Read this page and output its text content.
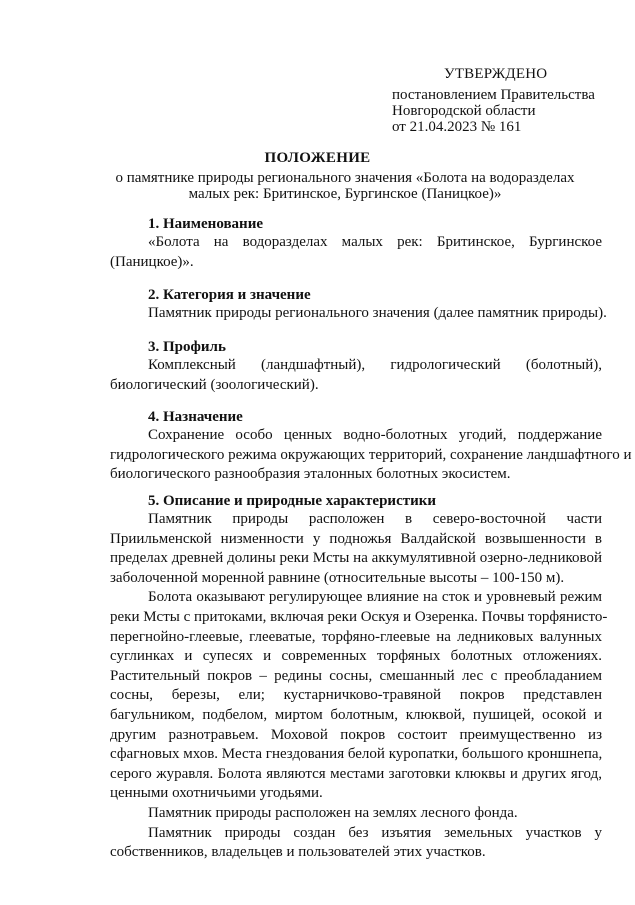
УТВЕРЖДЕНО
постановлением Правительства
Новгородской области
от 21.04.2023 № 161
ПОЛОЖЕНИЕ
о памятнике природы регионального значения «Болота на водоразделах
малых рек: Бритинское, Бургинское (Паницкое)»
1. Наименование
«Болота на водоразделах малых рек: Бритинское, Бургинское
(Паницкое)».
2. Категория и значение
Памятник природы регионального значения (далее памятник природы).
3. Профиль
Комплексный (ландшафтный), гидрологический (болотный),
биологический (зоологический).
4. Назначение
Сохранение особо ценных водно-болотных угодий, поддержание
гидрологического режима окружающих территорий, сохранение ландшафтного и
биологического разнообразия эталонных болотных экосистем.
5. Описание и природные характеристики
Памятник природы расположен в северо-восточной части
Приильменской низменности у подножья Валдайской возвышенности в
пределах древней долины реки Мсты на аккумулятивной озерно-ледниковой
заболоченной моренной равнине (относительные высоты – 100-150 м).
Болота оказывают регулирующее влияние на сток и уровневый режим
реки Мсты с притоками, включая реки Оскуя и Озеренка. Почвы торфянисто-
перегнойно-глеевые, глееватые, торфяно-глеевые на ледниковых валунных
суглинках и супесях и современных торфяных болотных отложениях.
Растительный покров – редины сосны, смешанный лес с преобладанием
сосны, березы, ели; кустарничково-травяной покров представлен
багульником, подбелом, миртом болотным, клюквой, пушицей, осокой и
другим разнотравьем. Моховой покров состоит преимущественно из
сфагновых мхов. Места гнездования белой куропатки, большого кроншнепа,
серого журавля. Болота являются местами заготовки клюквы и других ягод,
ценными охотничьими угодьями.
Памятник природы расположен на землях лесного фонда.
Памятник природы создан без изъятия земельных участков у
собственников, владельцев и пользователей этих участков.
